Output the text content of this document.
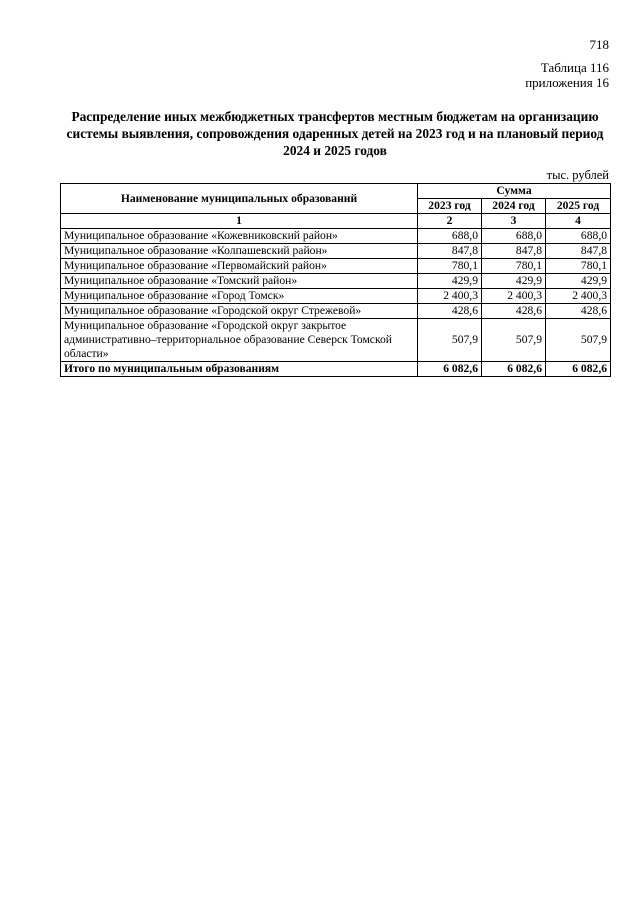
718
Таблица 116
приложения 16
Распределение иных межбюджетных трансфертов местным бюджетам на организацию системы выявления, сопровождения одаренных детей на 2023 год и на плановый период 2024 и 2025 годов
тыс. рублей
Наименование муниципальных образований	Сумма		
	2023 год	2024 год	2025 год
1	2	3	4
Муниципальное образование «Кожевниковский район»	688,0	688,0	688,0
Муниципальное образование «Колпашевский район»	847,8	847,8	847,8
Муниципальное образование «Первомайский район»	780,1	780,1	780,1
Муниципальное образование «Томский район»	429,9	429,9	429,9
Муниципальное образование «Город Томск»	2 400,3	2 400,3	2 400,3
Муниципальное образование «Городской округ Стрежевой»	428,6	428,6	428,6
Муниципальное образование «Городской округ закрытое административно–территориальное образование Северск Томской области»	507,9	507,9	507,9
Итого по муниципальным образованиям	6 082,6	6 082,6	6 082,6
